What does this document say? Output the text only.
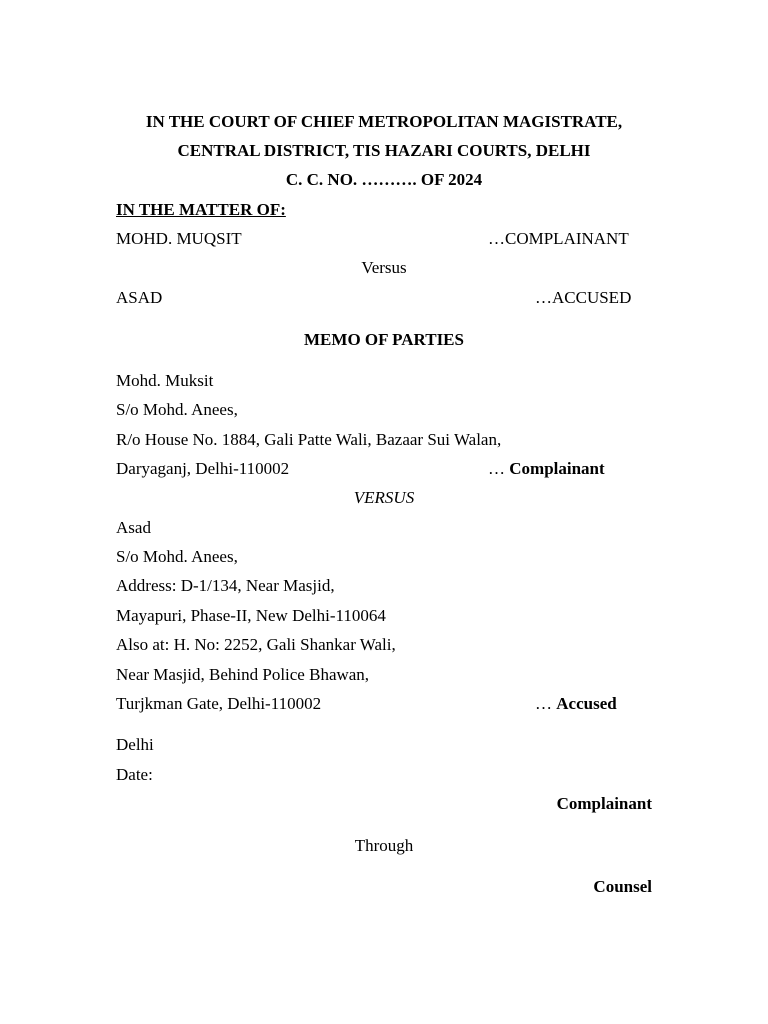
IN THE COURT OF CHIEF METROPOLITAN MAGISTRATE,
CENTRAL DISTRICT, TIS HAZARI COURTS, DELHI
C. C. NO. ………. OF 2024
IN THE MATTER OF:
MOHD. MUQSIT	…COMPLAINANT
Versus
ASAD	…ACCUSED
MEMO OF PARTIES
Mohd. Muksit
S/o Mohd. Anees,
R/o House No. 1884, Gali Patte Wali, Bazaar Sui Walan,
Daryaganj, Delhi-110002	… Complainant
VERSUS
Asad
S/o Mohd. Anees,
Address: D-1/134, Near Masjid,
Mayapuri, Phase-II, New Delhi-110064
Also at: H. No: 2252, Gali Shankar Wali,
Near Masjid, Behind Police Bhawan,
Turjkman Gate, Delhi-110002	… Accused
Delhi
Date:
Complainant
Through
Counsel
